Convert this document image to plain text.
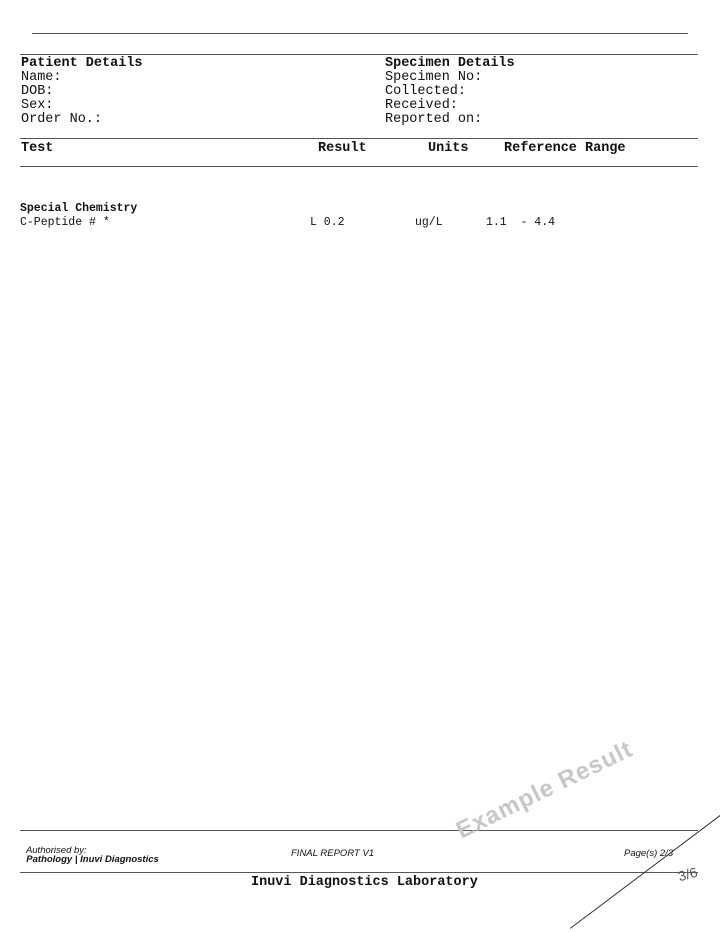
Patient Details
Name:
DOB:
Sex:
Order No.:
Specimen Details
Specimen No:
Collected:
Received:
Reported on:
Test	Result	Units	Reference Range
Special Chemistry
C-Peptide # *	L 0.2	ug/L	1.1  - 4.4

Authorised by:
Pathology | Inuvi Diagnostics

FINAL REPORT V1	Page(s) 2/3
Inuvi Diagnostics Laboratory
Example Result
3/6
